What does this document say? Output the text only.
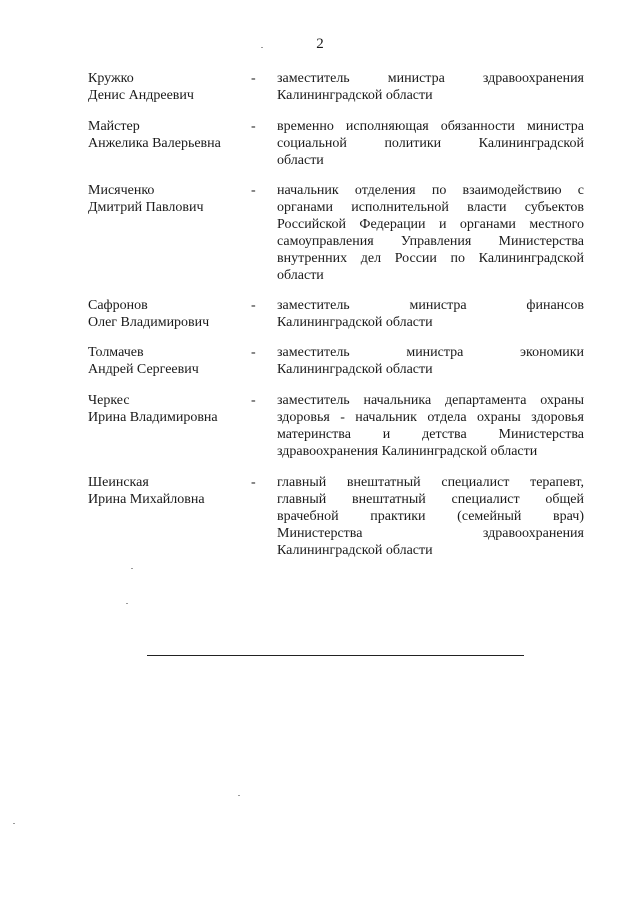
2
Кружко
Денис Андреевич
- заместитель министра здравоохранения
Калининградской области
Майстер
Анжелика Валерьевна
- временно исполняющая обязанности министра
социальной политики Калининградской
области
Мисяченко
Дмитрий Павлович
- начальник отделения по взаимодействию с
органами исполнительной власти субъектов
Российской Федерации и органами местного
самоуправления Управления Министерства
внутренних дел России по Калининградской
области
Сафронов
Олег Владимирович
- заместитель министра финансов
Калининградской области
Толмачев
Андрей Сергеевич
- заместитель министра экономики
Калининградской области
Черкес
Ирина Владимировна
- заместитель начальника департамента охраны
здоровья - начальник отдела охраны здоровья
материнства и детства Министерства
здравоохранения Калининградской области
Шеинская
Ирина Михайловна
- главный внештатный специалист терапевт,
главный внештатный специалист общей
врачебной практики (семейный врач)
Министерства здравоохранения
Калининградской области
